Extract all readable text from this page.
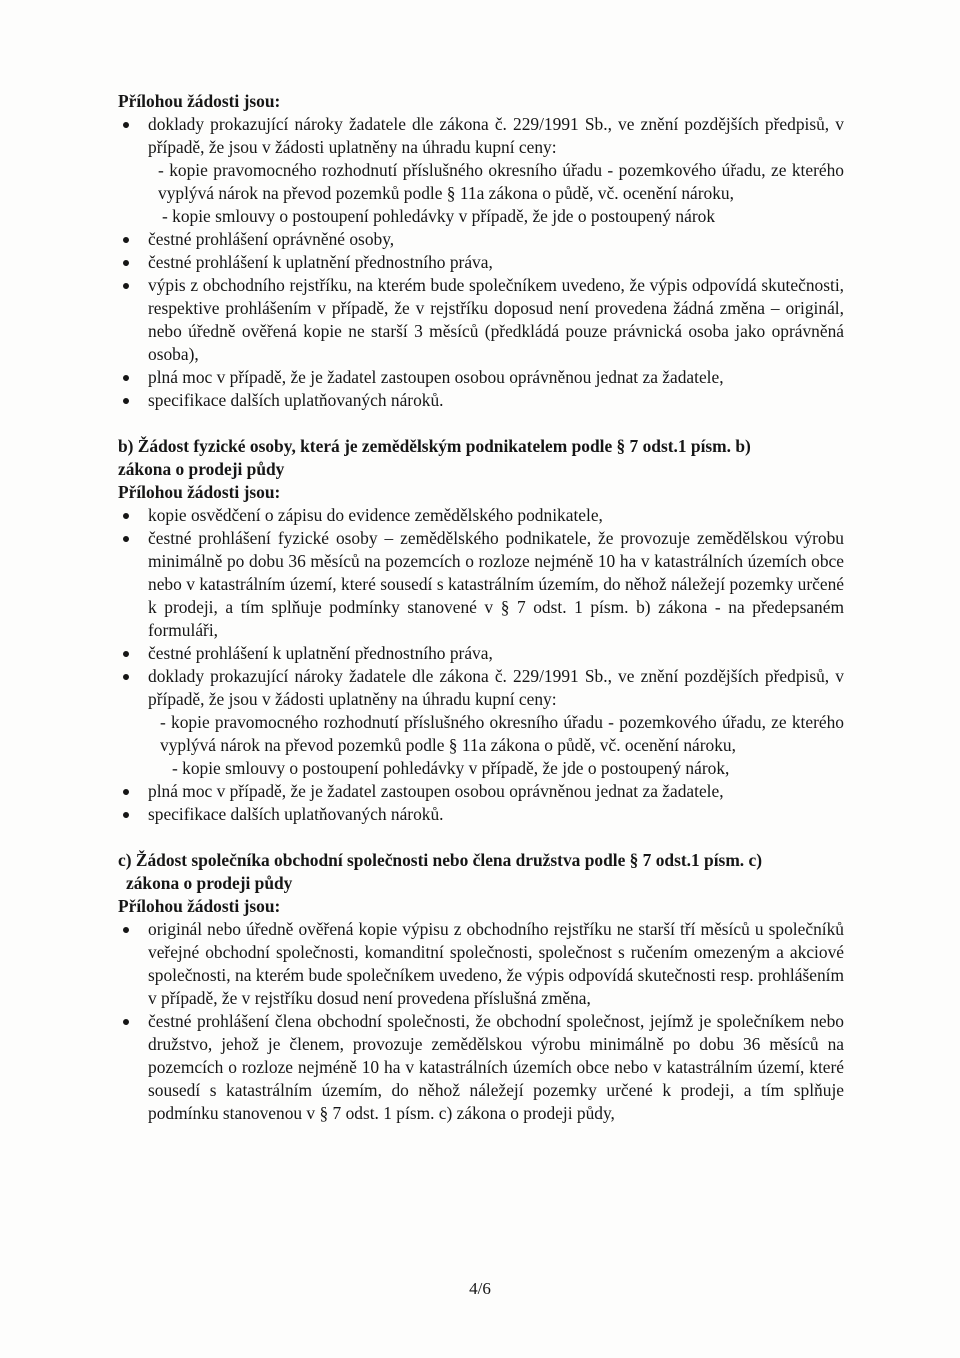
Přílohou žádosti jsou:

doklady prokazující nároky žadatele dle zákona č. 229/1991 Sb., ve znění pozdějších předpisů, v případě, že jsou v žádosti uplatněny na úhradu kupní ceny:
- kopie pravomocného rozhodnutí příslušného okresního úřadu - pozemkového úřadu, ze kterého vyplývá nárok na převod pozemků podle § 11a zákona o půdě, vč. ocenění nároku,
- kopie smlouvy o postoupení pohledávky v případě, že jde o postoupený nárok
čestné prohlášení oprávněné osoby,
čestné prohlášení k uplatnění přednostního práva,
výpis z obchodního rejstříku, na kterém bude společníkem uvedeno, že výpis odpovídá skutečnosti, respektive prohlášením v případě, že v rejstříku doposud není provedena žádná změna – originál, nebo úředně ověřená kopie ne starší 3 měsíců (předkládá pouze právnická osoba jako oprávněná osoba),
plná moc v případě, že je žadatel zastoupen osobou oprávněnou jednat za žadatele,
specifikace dalších uplatňovaných nároků.

b) Žádost fyzické osoby, která je zemědělským podnikatelem podle § 7 odst.1 písm. b)
zákona o prodeji půdy

Přílohou žádosti jsou:

kopie osvědčení o zápisu do evidence zemědělského podnikatele,
čestné prohlášení fyzické osoby – zemědělského podnikatele, že provozuje zemědělskou výrobu minimálně po dobu 36 měsíců na pozemcích o rozloze nejméně 10 ha v katastrálních územích obce nebo v katastrálním území, které sousedí s katastrálním územím, do něhož náležejí pozemky určené k prodeji, a tím splňuje podmínky stanovené v § 7 odst. 1 písm. b) zákona - na předepsaném formuláři,
čestné prohlášení k uplatnění přednostního práva,
doklady prokazující nároky žadatele dle zákona č. 229/1991 Sb., ve znění pozdějších předpisů, v případě, že jsou v žádosti uplatněny na úhradu kupní ceny:
- kopie pravomocného rozhodnutí příslušného okresního úřadu - pozemkového úřadu, ze kterého vyplývá nárok na převod pozemků podle § 11a zákona o půdě, vč. ocenění nároku,
- kopie smlouvy o postoupení pohledávky v případě, že jde o postoupený nárok,
plná moc v případě, že je žadatel zastoupen osobou oprávněnou jednat za žadatele,
specifikace dalších uplatňovaných nároků.

c) Žádost společníka obchodní společnosti nebo člena družstva podle § 7 odst.1 písm. c)
zákona o prodeji půdy

Přílohou žádosti jsou:

originál nebo úředně ověřená kopie výpisu z obchodního rejstříku ne starší tří měsíců u společníků veřejné obchodní společnosti, komanditní společnosti, společnost s ručením omezeným a akciové společnosti, na kterém bude společníkem uvedeno, že výpis odpovídá skutečnosti resp. prohlášením v případě, že v rejstříku dosud není provedena příslušná změna,
čestné prohlášení člena obchodní společnosti, že obchodní společnost, jejímž je společníkem nebo družstvo, jehož je členem, provozuje zemědělskou výrobu minimálně po dobu 36 měsíců na pozemcích o rozloze nejméně 10 ha v katastrálních územích obce nebo v katastrálním území, které sousedí s katastrálním územím, do něhož náležejí pozemky určené k prodeji, a tím splňuje podmínku stanovenou v § 7 odst. 1 písm. c) zákona o prodeji půdy,
4/6
